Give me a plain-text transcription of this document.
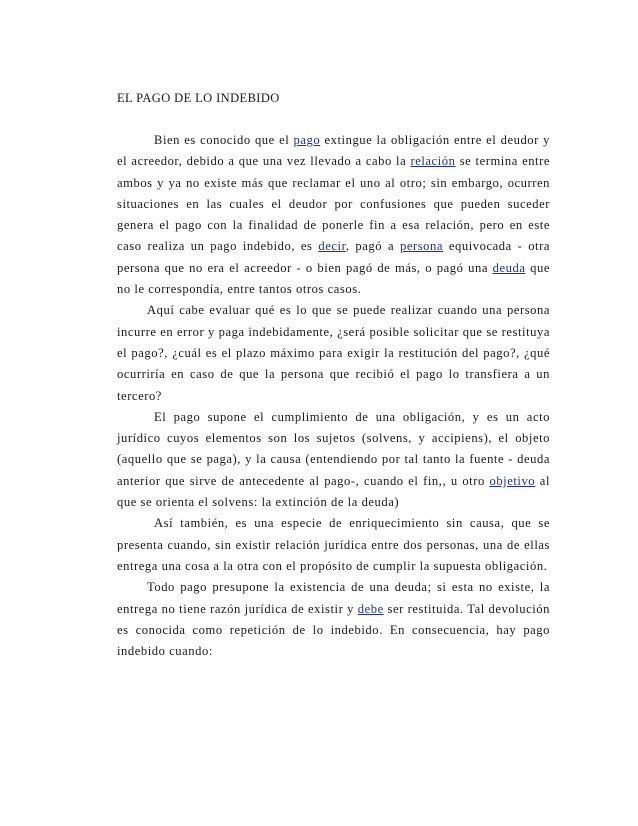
EL PAGO DE LO INDEBIDO

Bien es conocido que el pago extingue la obligación entre el deudor y el acreedor, debido a que una vez llevado a cabo la relación se termina entre ambos y ya no existe más que reclamar el uno al otro; sin embargo, ocurren situaciones en las cuales el deudor por confusiones que pueden suceder genera el pago con la finalidad de ponerle fin a esa relación, pero en este caso realiza un pago indebido, es decir, pagó a persona equivocada - otra persona que no era el acreedor - o bien pagó de más, o pagó una deuda que no le correspondía, entre tantos otros casos.

Aquí cabe evaluar qué es lo que se puede realizar cuando una persona incurre en error y paga indebidamente, ¿será posible solicitar que se restituya el pago?, ¿cuál es el plazo máximo para exigir la restitución del pago?, ¿qué ocurriría en caso de que la persona que recibió el pago lo transfiera a un tercero?

El pago supone el cumplimiento de una obligación, y es un acto jurídico cuyos elementos son los sujetos (solvens, y accipiens), el objeto (aquello que se paga), y la causa (entendiendo por tal tanto la fuente - deuda anterior que sirve de antecedente al pago-, cuando el fin,, u otro objetivo al que se orienta el solvens: la extinción de la deuda)

Así también, es una especie de enriquecimiento sin causa, que se presenta cuando, sin existir relación jurídica entre dos personas, una de ellas entrega una cosa a la otra con el propósito de cumplir la supuesta obligación.

Todo pago presupone la existencia de una deuda; si esta no existe, la entrega no tiene razón jurídica de existir y debe ser restituida. Tal devolución es conocida como repetición de lo indebido. En consecuencia, hay pago indebido cuando:
